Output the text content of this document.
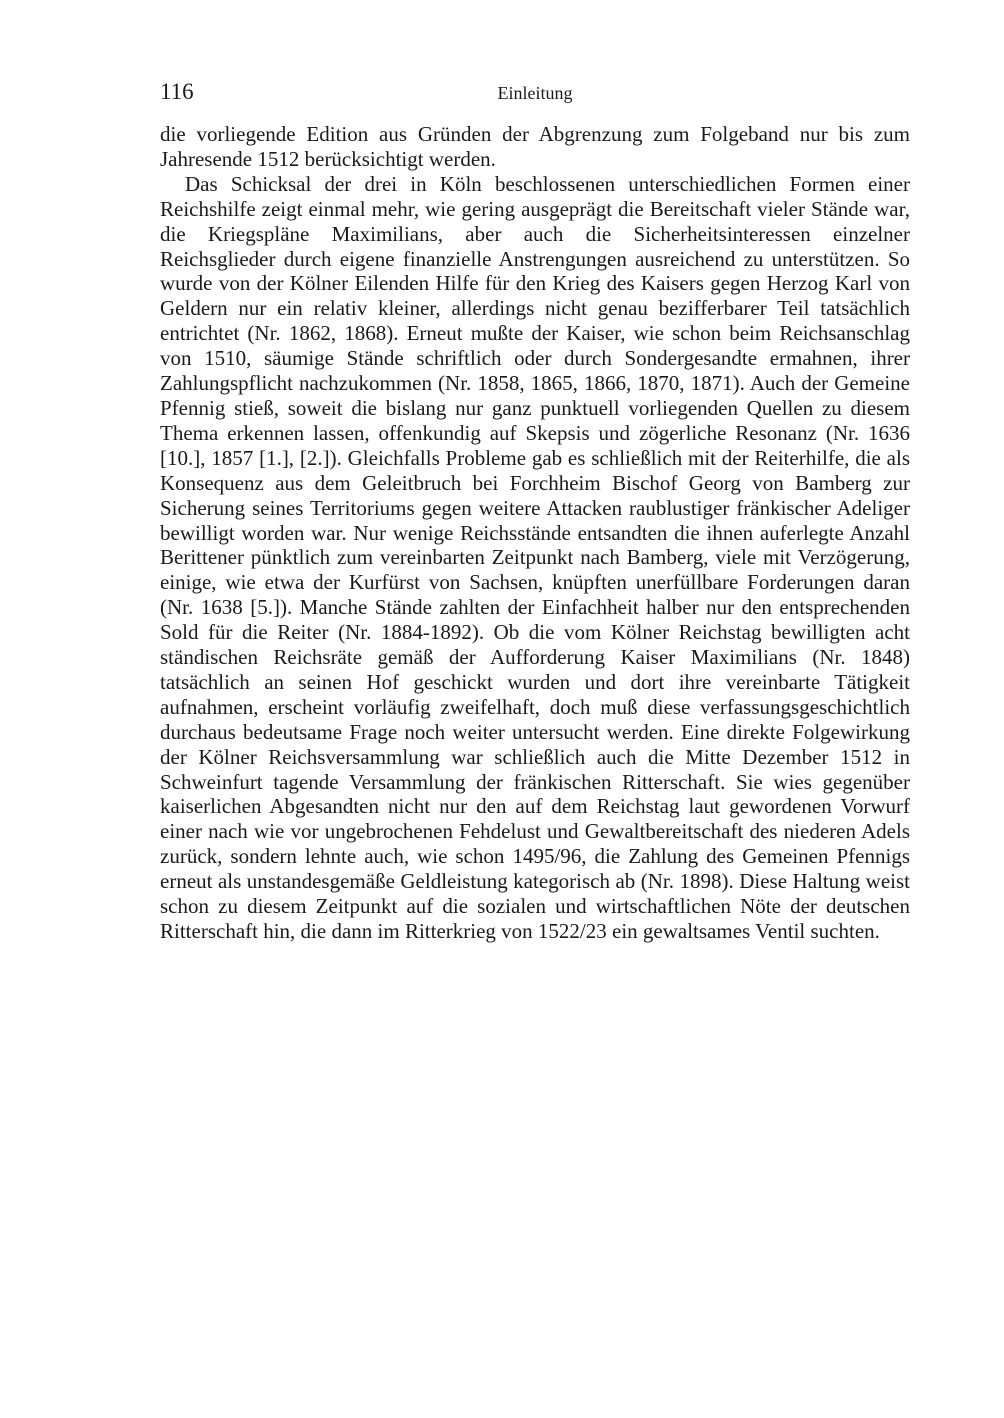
116	Einleitung

die vorliegende Edition aus Gründen der Abgrenzung zum Folgeband nur bis zum Jahresende 1512 berücksichtigt werden.

Das Schicksal der drei in Köln beschlossenen unterschiedlichen Formen einer Reichshilfe zeigt einmal mehr, wie gering ausgeprägt die Bereitschaft vieler Stände war, die Kriegspläne Maximilians, aber auch die Sicherheitsinteressen einzelner Reichsglieder durch eigene finanzielle Anstrengungen ausreichend zu unterstützen. So wurde von der Kölner Eilenden Hilfe für den Krieg des Kaisers gegen Herzog Karl von Geldern nur ein relativ kleiner, allerdings nicht genau bezifferbarer Teil tatsächlich entrichtet (Nr. 1862, 1868). Erneut mußte der Kaiser, wie schon beim Reichsanschlag von 1510, säumige Stände schriftlich oder durch Sondergesandte ermahnen, ihrer Zahlungspflicht nachzukommen (Nr. 1858, 1865, 1866, 1870, 1871). Auch der Gemeine Pfennig stieß, soweit die bislang nur ganz punktuell vorliegenden Quellen zu diesem Thema erkennen lassen, offenkundig auf Skepsis und zögerliche Resonanz (Nr. 1636 [10.], 1857 [1.], [2.]). Gleichfalls Probleme gab es schließlich mit der Reiterhilfe, die als Konsequenz aus dem Geleitbruch bei Forchheim Bischof Georg von Bamberg zur Sicherung seines Territoriums gegen weitere Attacken raublustiger fränkischer Adeliger bewilligt worden war. Nur wenige Reichsstände entsandten die ihnen auferlegte Anzahl Berittener pünktlich zum vereinbarten Zeitpunkt nach Bamberg, viele mit Verzögerung, einige, wie etwa der Kurfürst von Sachsen, knüpften unerfüllbare Forderungen daran (Nr. 1638 [5.]). Manche Stände zahlten der Einfachheit halber nur den entsprechenden Sold für die Reiter (Nr. 1884-1892). Ob die vom Kölner Reichstag bewilligten acht ständischen Reichsräte gemäß der Aufforderung Kaiser Maximilians (Nr. 1848) tatsächlich an seinen Hof geschickt wurden und dort ihre vereinbarte Tätigkeit aufnahmen, erscheint vorläufig zweifelhaft, doch muß diese verfassungsgeschichtlich durchaus bedeutsame Frage noch weiter untersucht werden. Eine direkte Folgewirkung der Kölner Reichsversammlung war schließlich auch die Mitte Dezember 1512 in Schweinfurt tagende Versammlung der fränkischen Ritterschaft. Sie wies gegenüber kaiserlichen Abgesandten nicht nur den auf dem Reichstag laut gewordenen Vorwurf einer nach wie vor ungebrochenen Fehdelust und Gewaltbereitschaft des niederen Adels zurück, sondern lehnte auch, wie schon 1495/96, die Zahlung des Gemeinen Pfennigs erneut als unstandesgemäße Geldleistung kategorisch ab (Nr. 1898). Diese Haltung weist schon zu diesem Zeitpunkt auf die sozialen und wirtschaftlichen Nöte der deutschen Ritterschaft hin, die dann im Ritterkrieg von 1522/23 ein gewaltsames Ventil suchten.
